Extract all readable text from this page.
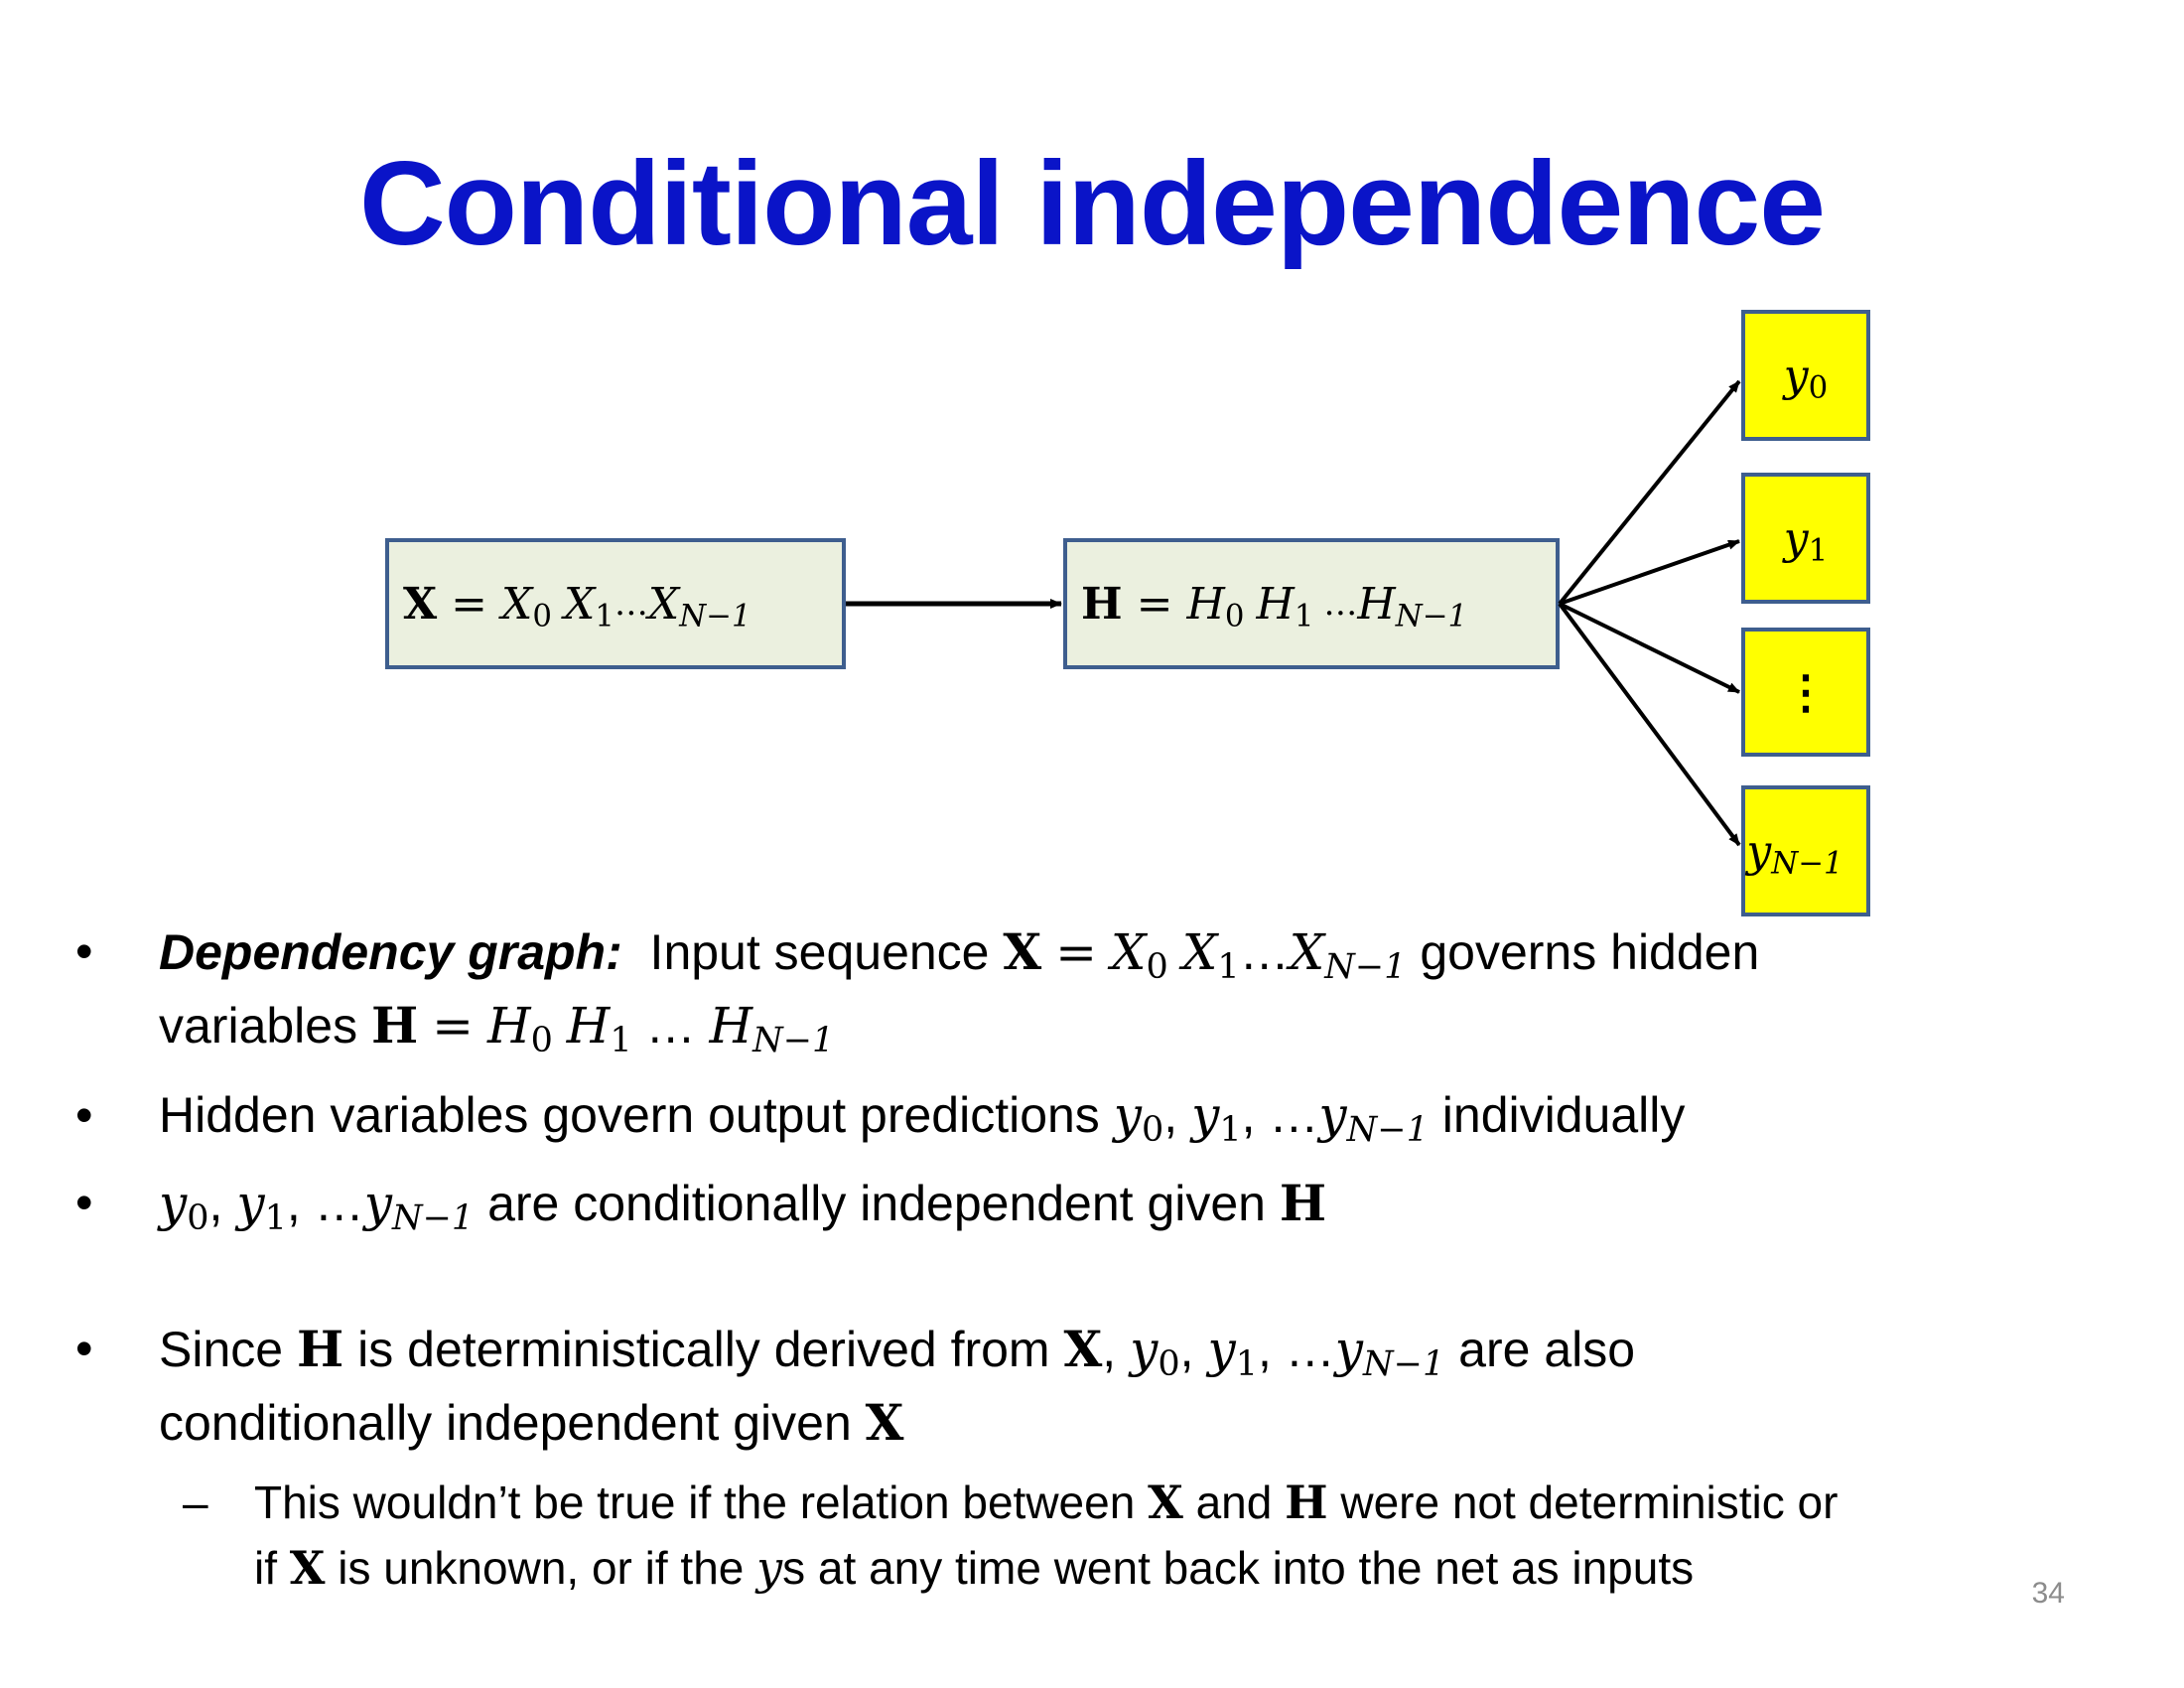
Conditional independence
$X = X_0$ $X_1$ … $X_{N-1}$	$H = H_0$ $H_1$ … $H_{N-1}$
$y_0$
$y_1$
⋮
$y_{N-1}$
• Dependency graph: Input sequence $X = X_0$ $X_1\dots X_{N-1}$ governs hidden
variables $H = H_0$ $H_1$ … $H_{N-1}$
• Hidden variables govern output predictions $y_0$, $y_1$, $\dots y_{N-1}$ individually
• $y_0$, $y_1$, $\dots y_{N-1}$ are conditionally independent given H
• Since H is deterministically derived from X, $y_0$, $y_1$, $\dots y_{N-1}$ are also
conditionally independent given X
– This wouldn’t be true if the relation between X and H were not deterministic or
if X is unknown, or if the ys at any time went back into the net as inputs	34
